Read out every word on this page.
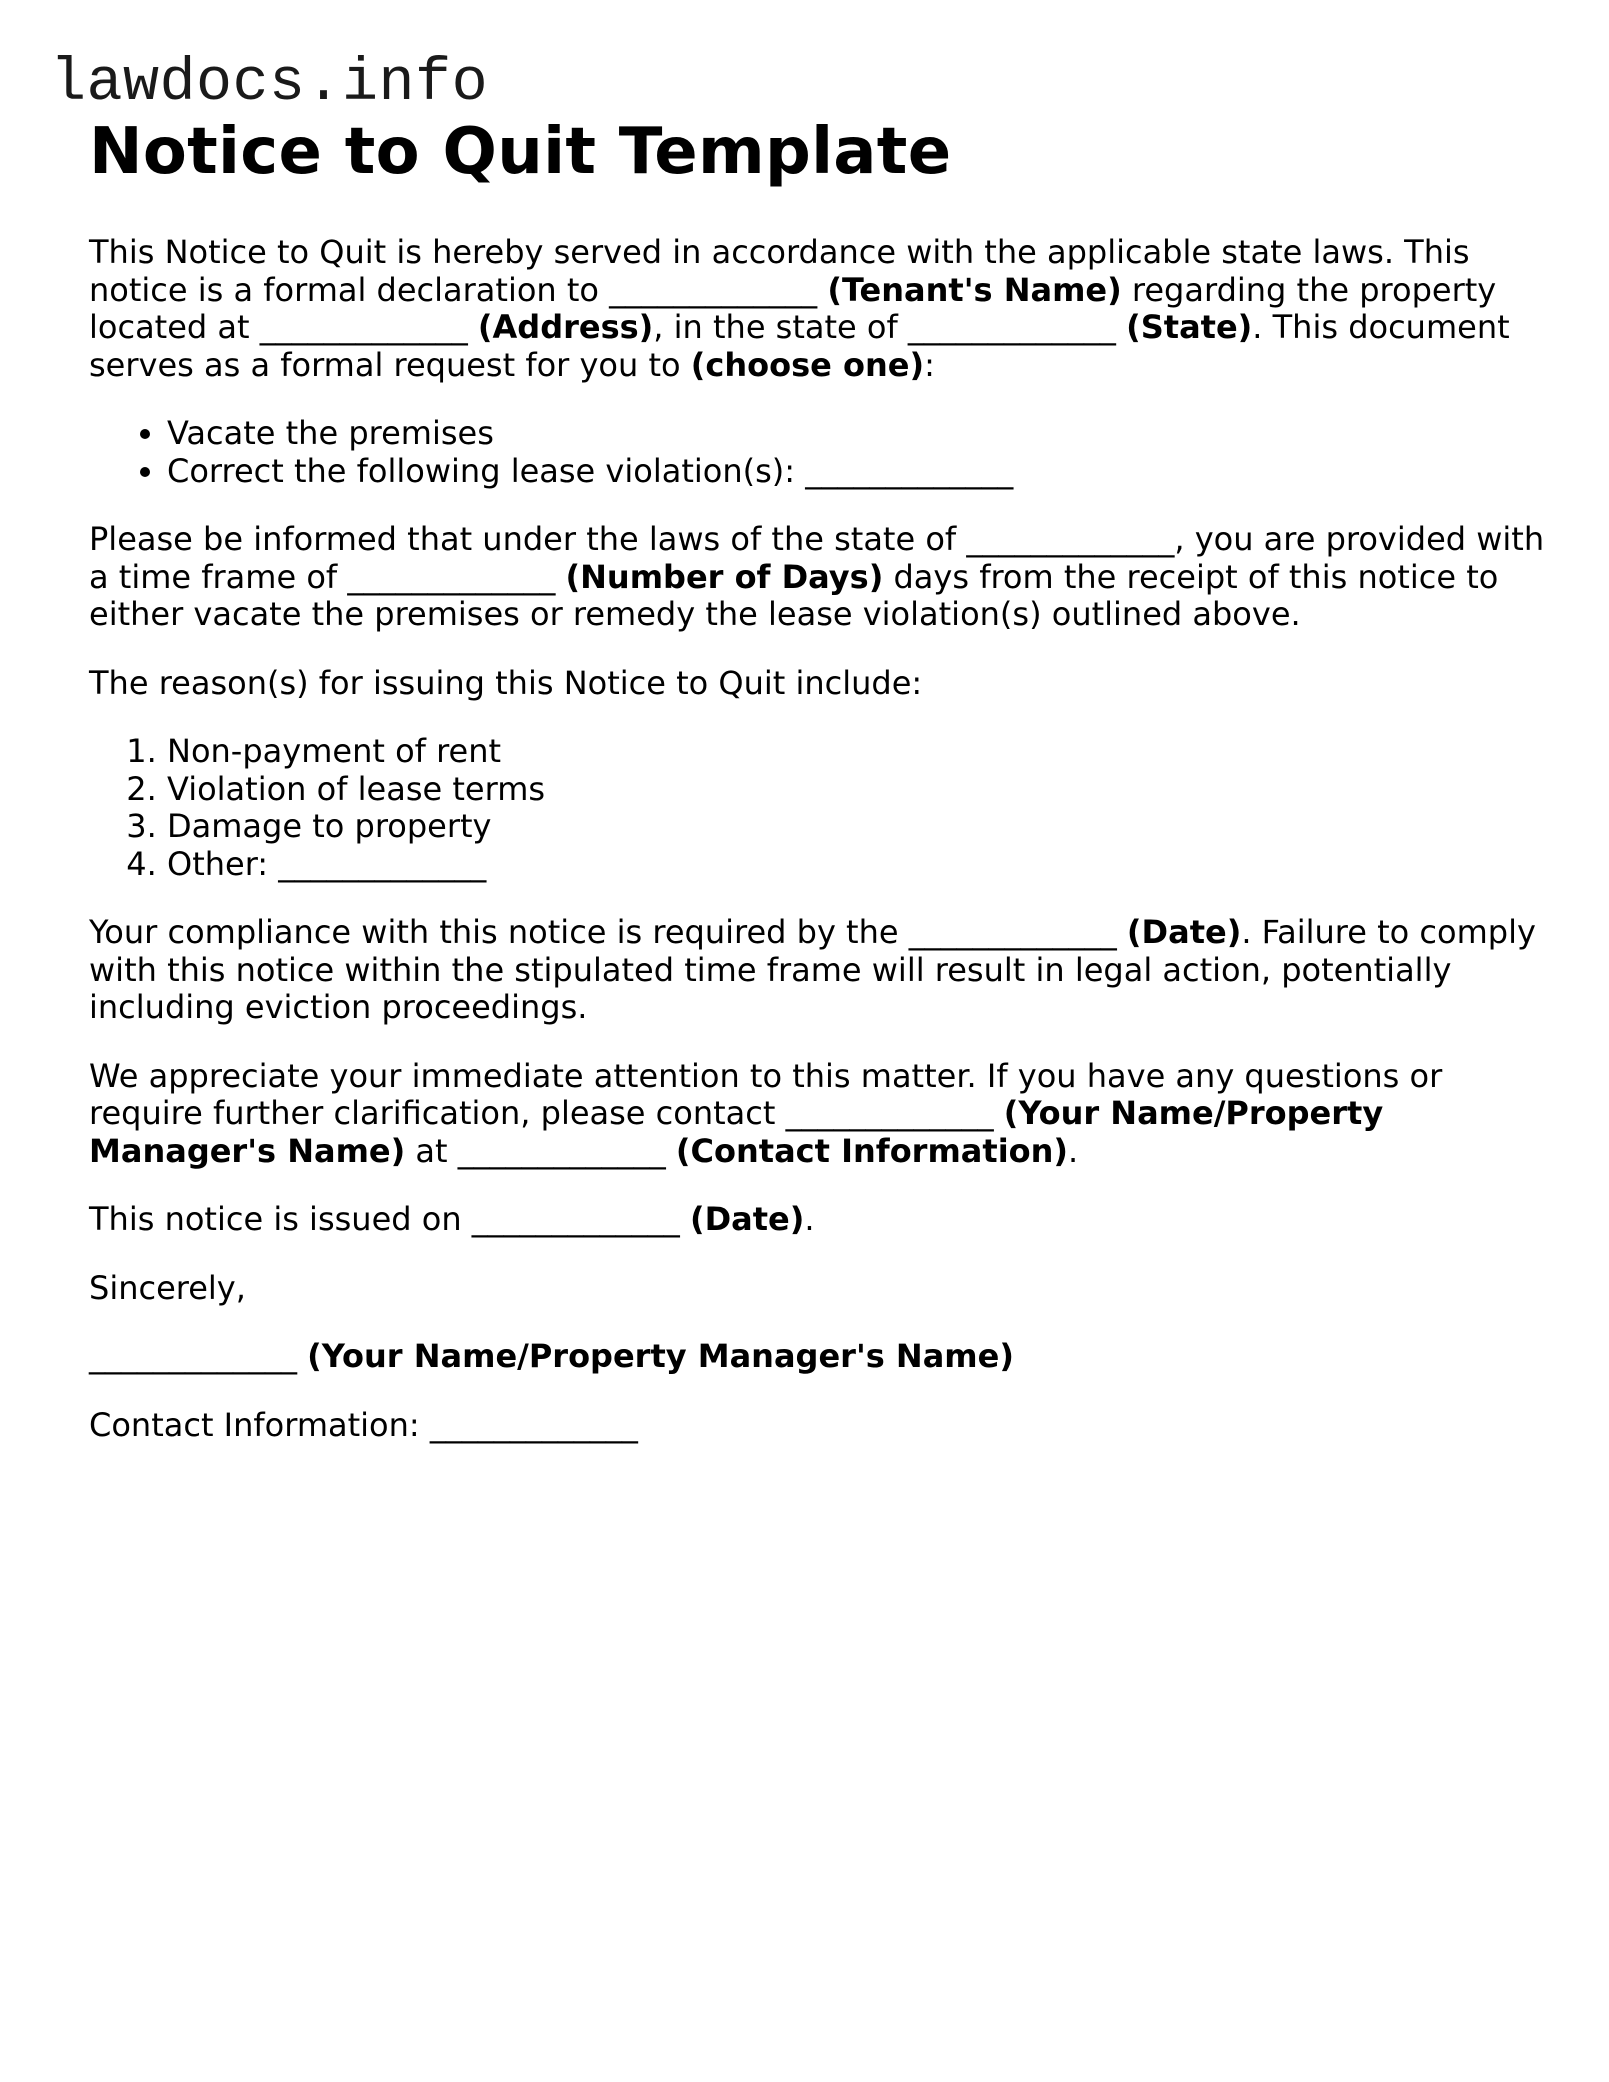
lawdocs.info
Notice to Quit Template

This Notice to Quit is hereby served in accordance with the applicable state laws. This notice is a formal declaration to _____________ (Tenant's Name) regarding the property located at _____________ (Address), in the state of _____________ (State). This document serves as a formal request for you to (choose one):

• Vacate the premises
• Correct the following lease violation(s): _____________

Please be informed that under the laws of the state of _____________, you are provided with a time frame of _____________ (Number of Days) days from the receipt of this notice to either vacate the premises or remedy the lease violation(s) outlined above.

The reason(s) for issuing this Notice to Quit include:

1. Non-payment of rent
2. Violation of lease terms
3. Damage to property
4. Other: _____________

Your compliance with this notice is required by the _____________ (Date). Failure to comply with this notice within the stipulated time frame will result in legal action, potentially including eviction proceedings.

We appreciate your immediate attention to this matter. If you have any questions or require further clarification, please contact _____________ (Your Name/Property Manager's Name) at _____________ (Contact Information).

This notice is issued on _____________ (Date).

Sincerely,

_____________ (Your Name/Property Manager's Name)

Contact Information: _____________
